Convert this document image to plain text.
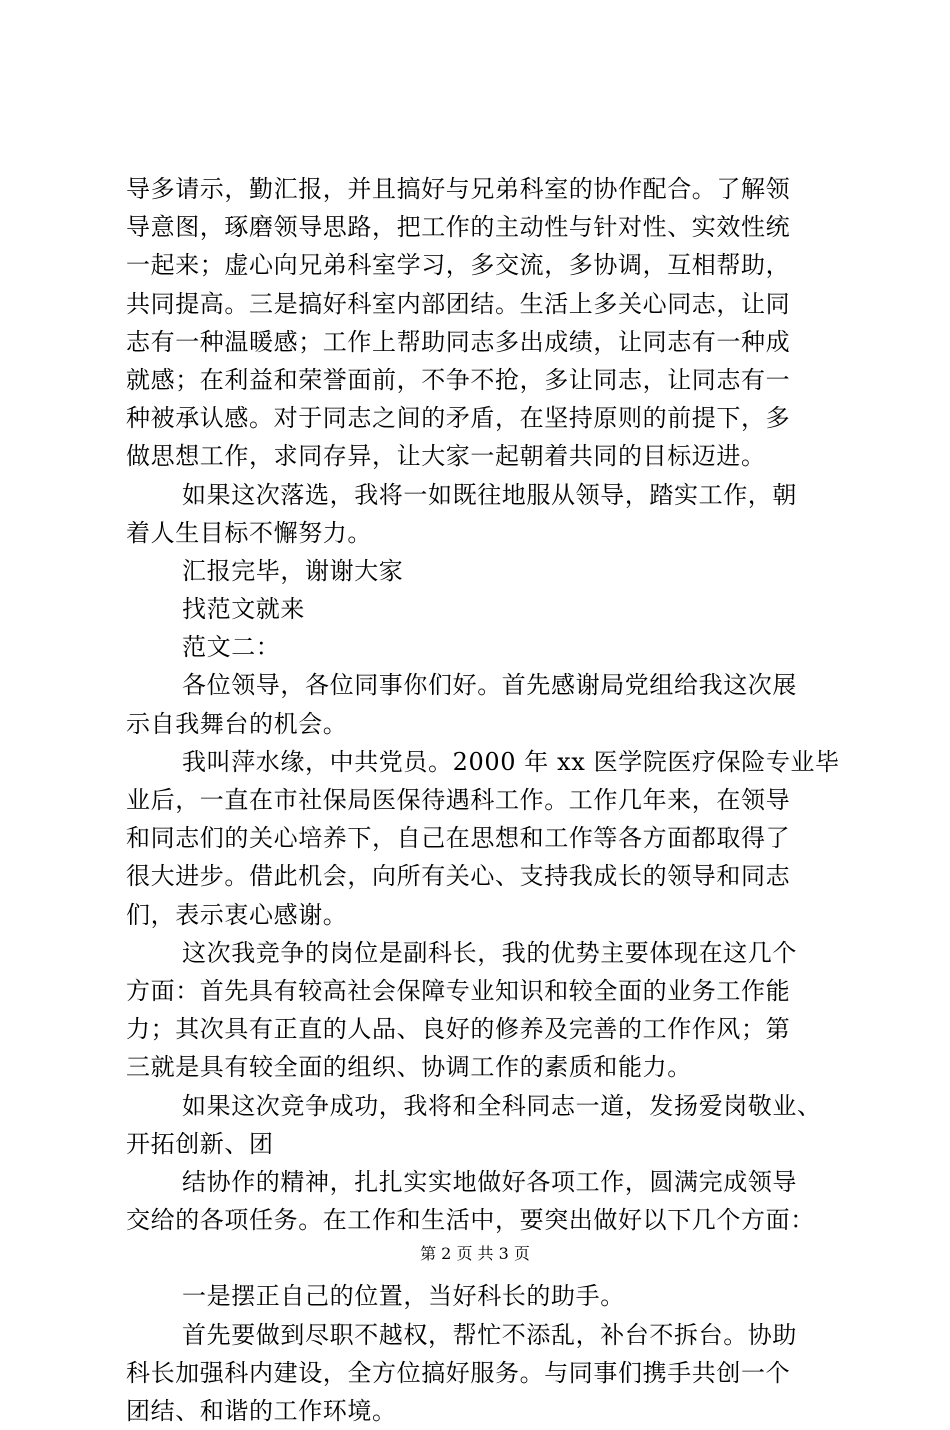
导多请示，勤汇报，并且搞好与兄弟科室的协作配合。了解领
导意图，琢磨领导思路，把工作的主动性与针对性、实效性统
一起来；虚心向兄弟科室学习，多交流，多协调，互相帮助，
共同提高。三是搞好科室内部团结。生活上多关心同志，让同
志有一种温暖感；工作上帮助同志多出成绩，让同志有一种成
就感；在利益和荣誉面前，不争不抢，多让同志，让同志有一
种被承认感。对于同志之间的矛盾，在坚持原则的前提下，多
做思想工作，求同存异，让大家一起朝着共同的目标迈进。
如果这次落选，我将一如既往地服从领导，踏实工作，朝
着人生目标不懈努力。
汇报完毕，谢谢大家
找范文就来
范文二：
各位领导，各位同事你们好。首先感谢局党组给我这次展
示自我舞台的机会。
我叫萍水缘，中共党员。2000 年 xx 医学院医疗保险专业毕
业后，一直在市社保局医保待遇科工作。工作几年来，在领导
和同志们的关心培养下，自己在思想和工作等各方面都取得了
很大进步。借此机会，向所有关心、支持我成长的领导和同志
们，表示衷心感谢。
这次我竞争的岗位是副科长，我的优势主要体现在这几个
方面：首先具有较高社会保障专业知识和较全面的业务工作能
力；其次具有正直的人品、良好的修养及完善的工作作风；第
三就是具有较全面的组织、协调工作的素质和能力。
如果这次竞争成功，我将和全科同志一道，发扬爱岗敬业、
开拓创新、团
结协作的精神，扎扎实实地做好各项工作，圆满完成领导
交给的各项任务。在工作和生活中，要突出做好以下几个方面：
一是摆正自己的位置，当好科长的助手。
首先要做到尽职不越权，帮忙不添乱，补台不拆台。协助
科长加强科内建设，全方位搞好服务。与同事们携手共创一个
团结、和谐的工作环境。
第 2 页 共 3 页
